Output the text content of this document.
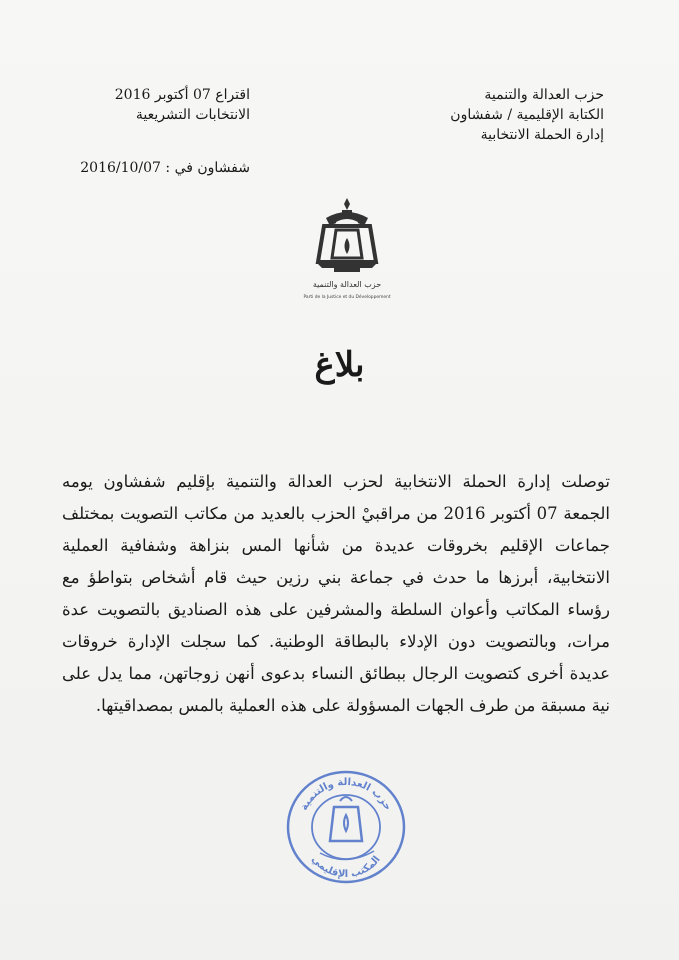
حزب العدالة والتنمية
الكتابة الإقليمية / شفشاون
إدارة الحملة الانتخابية
اقتراع 07 أكتوبر 2016
الانتخابات التشريعية
شفشاون في : 2016/10/07
حزب العدالة والتنمية
Parti de la Justice et du Développement
بلاغ
توصلت إدارة الحملة الانتخابية لحزب العدالة والتنمية بإقليم شفشاون يومه الجمعة 07 أكتوبر 2016 من مراقبيْ الحزب بالعديد من مكاتب التصويت بمختلف جماعات الإقليم بخروقات عديدة من شأنها المس بنزاهة وشفافية العملية الانتخابية، أبرزها ما حدث في جماعة بني رزين حيث قام أشخاص بتواطؤ مع رؤساء المكاتب وأعوان السلطة والمشرفين على هذه الصناديق بالتصويت عدة مرات، وبالتصويت دون الإدلاء بالبطاقة الوطنية. كما سجلت الإدارة خروقات عديدة أخرى كتصويت الرجال ببطائق النساء بدعوى أنهن زوجاتهن، مما يدل على نية مسبقة من طرف الجهات المسؤولة على هذه العملية بالمس بمصداقيتها.
حزب العدالة والتنمية
المكتب الإقليمي
